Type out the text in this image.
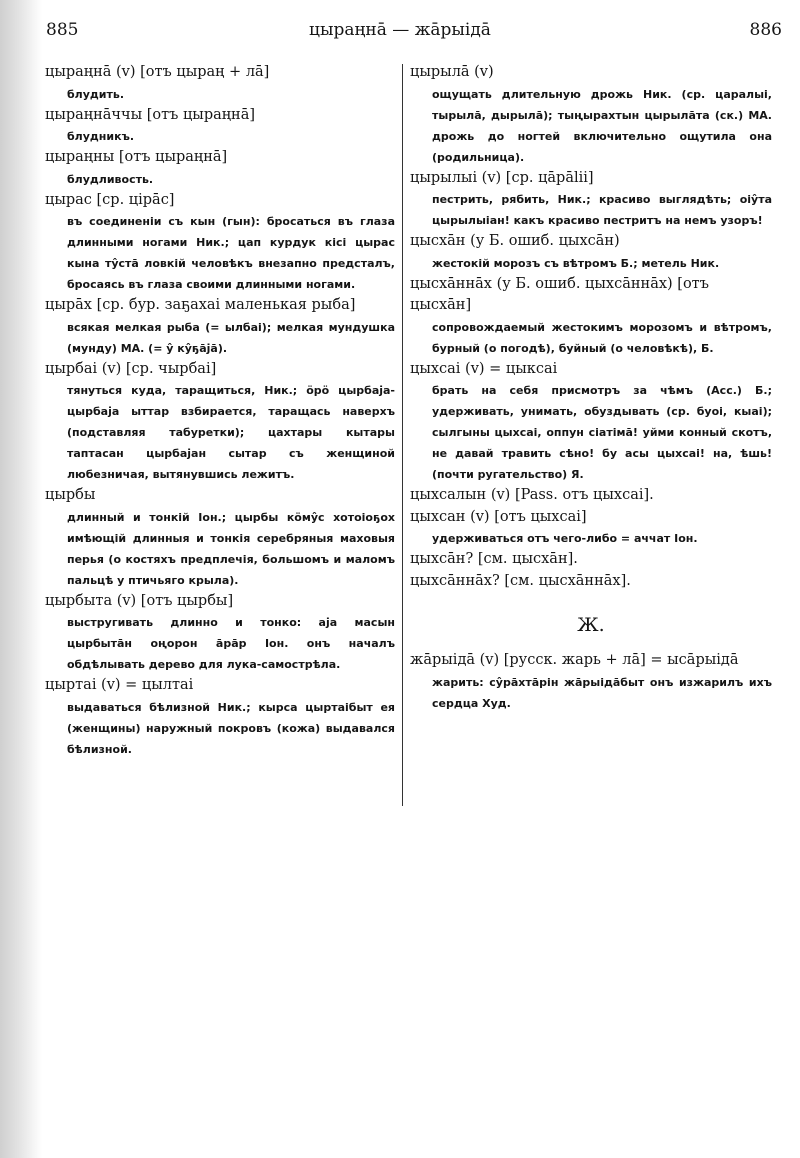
885	цыраңнā — жāрыiдā	886
цыраңнā (v) [отъ цыраң + лā]
блудить.
цыраңнāччы [отъ цыраңнā]
блудникъ.
цыраңны [отъ цыраңнā]
блудливость.
цырас [ср. цiрāс]
въ соединенiи съ кын (гын): бросаться въ глаза длинными ногами Ник.; цап курдук кiсi цырас кына тŷстā ловкiй человѣкъ внезапно предсталъ, бросаясь въ глаза своими длинными ногами.
цырāх [ср. бур. заҕахаi маленькая рыба]
всякая мелкая рыба (= ылбаi); мелкая мундушка (мунду) МА. (= ŷ кŷҕāјā).
цырбаi (v) [ср. чырбаi]
тянуться куда, таращиться, Ник.; ӧрӧ цырбаја-цырбаја ыттар взбирается, таращась наверхъ (подставляя табуретки); цахтары кытары таптасан цырбајан сытар съ женщиной любезничая, вытянувшись лежитъ.
цырбы
длинный и тонкiй Iон.; цырбы кӧмŷс хотоiоҕох имѣющiй длинныя и тонкiя серебряныя маховыя перья (о костяхъ предплечiя, большомъ и маломъ пальцѣ у птичьяго крыла).
цырбыта (v) [отъ цырбы]
выстругивать длинно и тонко: аја масын цырбытāн оңорон āрāр Iон. онъ началъ обдѣлывать дерево для лука-самострѣла.
цыртаi (v) = цылтаi
выдаваться бѣлизной Ник.; кырса цыртаiбыт ея (женщины) наружный покровъ (кожа) выдавался бѣлизной.
цырылā (v)
ощущать длительную дрожь Ник. (ср. царалыi, тырылā, дырылā); тыңырахтын цырылāта (ск.) МА. дрожь до ногтей включительно ощутила она (родильница).
цырылыi (v) [ср. цāрālii]
пестрить, рябить, Ник.; красиво выглядѣть; оiŷта цырылыiан! какъ красиво пестритъ на немъ узоръ!
цысхāн (у Б. ошиб. цыхсāн)
жестокiй морозъ съ вѣтромъ Б.; метель Ник.
цысхāннāх (у Б. ошиб. цыхсāннāх) [отъ цысхāн]
сопровождаемый жестокимъ морозомъ и вѣтромъ, бурный (о погодѣ), буйный (о человѣкѣ), Б.
цыхсаi (v) = цыксаi
брать на себя присмотръ за чѣмъ (Acc.) Б.; удерживать, унимать, обуздывать (ср. буоi, кыаi); сылгыны цыхсаi, оппун сiатiмā! уйми конный скотъ, не давай травить сѣно! бу асы цыхсаi! на, ѣшь! (почти ругательство) Я.
цыхсалын (v) [Pass. отъ цыхсаi].
цыхсан (v) [отъ цыхсаi]
удерживаться отъ чего-либо = аччат Iон.
цыхсāн? [см. цысхāн].
цыхсāннāх? [см. цысхāннāх].
Ж.
жāрыiдā (v) [русск. жарь + лā] = ысāрыiдā
жарить: сŷрāхтāрiн жāрыiдāбыт онъ изжарилъ ихъ сердца Худ.
